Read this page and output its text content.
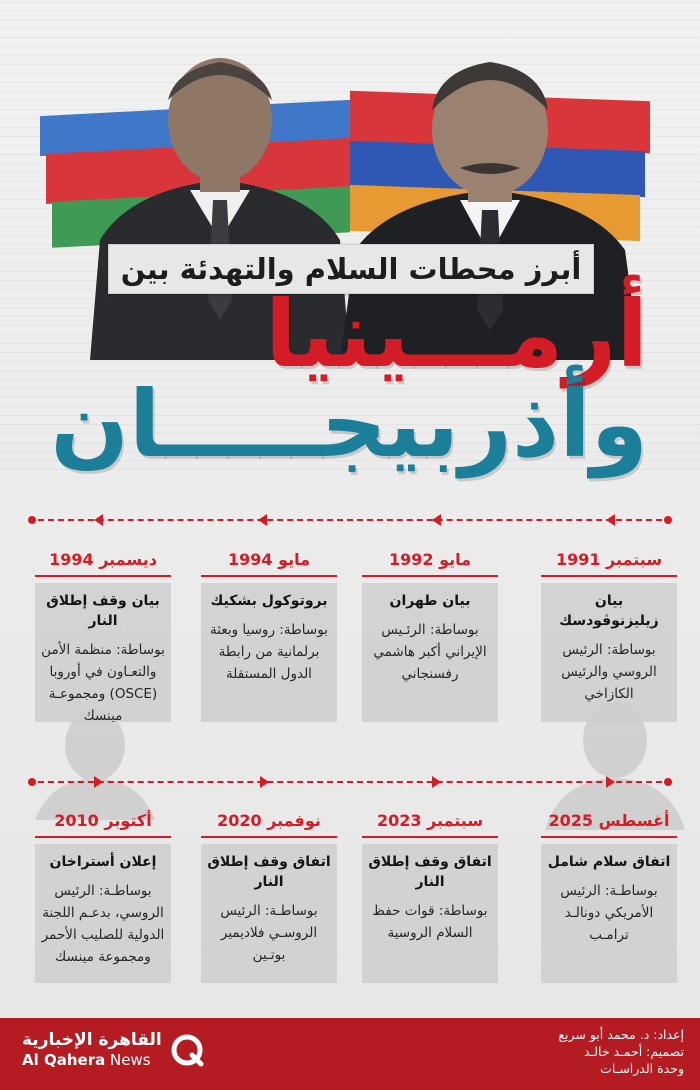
أبرز محطات السلام والتهدئة بين
أرمـــينيا
وأذربيجـــــان
سبتمبر 1991
بيان زيليزنوڤودسك
بوساطة: الرئيس الروسي والرئيس الكازاخي
مايو 1992
بيان طهران
بوساطة: الرئـيس الإيراني أكبر هاشمي رفسنجاني
مايو 1994
بروتوكول بشكيك
بوساطة: روسيا وبعثة برلمانية من رابطة الدول المستقلة
ديسمبر 1994
بيان وقف إطلاق النار
بوساطة: منظمة الأمن والتعـاون في أوروبا (OSCE) ومجموعـة مينسك
أغسطس 2025
اتفاق سلام شامل
بوساطـة: الرئيس الأمريكي دونالـد ترامـب
سبتمبر 2023
اتفاق وقف إطلاق النار
بوساطة: قوات حفظ السلام الروسية
نوفمبر 2020
اتفاق وقف إطلاق النار
بوساطـة: الرئيس الروسـي فلاديمير بوتـين
أكتوبر 2010
إعلان أستراخان
بوساطـة: الرئيس الروسي، بدعـم اللجنة الدولية للصليب الأحمر ومجموعة مينسك
إعداد: د. محمد أبو سريع
تصميم: أحمـد خالـد
وحدة الدراسـات
القاهرة الإخبارية
Al Qahera News
